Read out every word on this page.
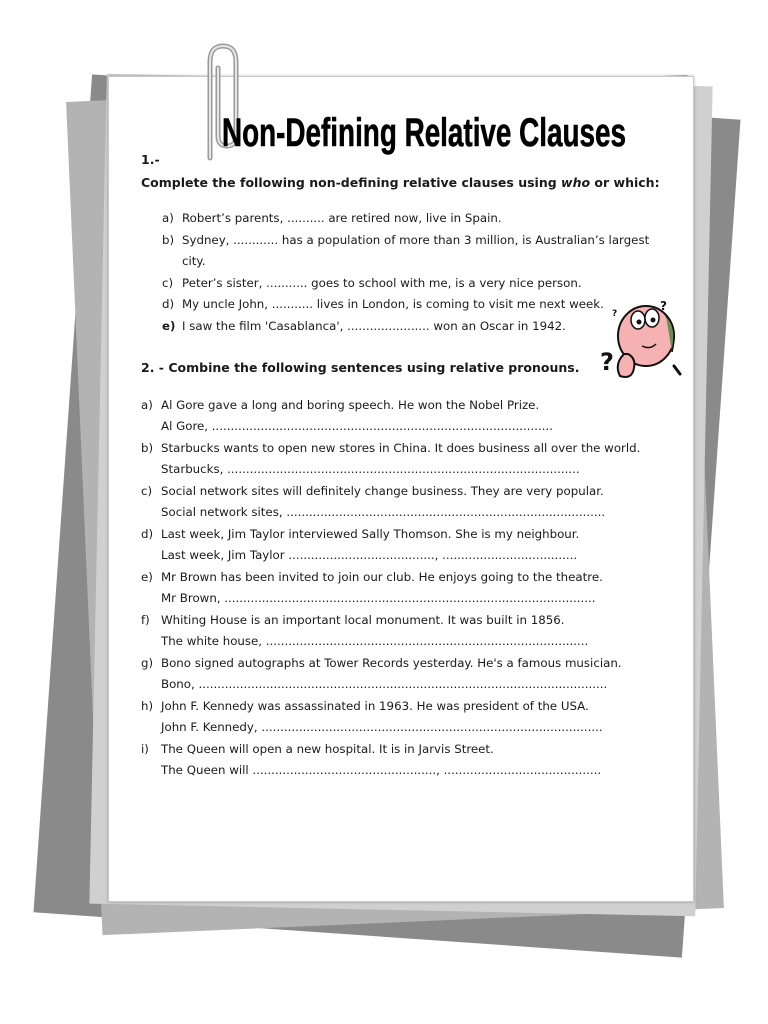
Non-Defining Relative Clauses
1.-
Complete the following non-defining relative clauses using who or which:
a) Robert’s parents, .......... are retired now, live in Spain.
b) Sydney, ............ has a population of more than 3 million, is Australian’s largest
city.
c) Peter’s sister, ........... goes to school with me, is a very nice person.
d) My uncle John, ........... lives in London, is coming to visit me next week.
e) I saw the film 'Casablanca', ...................... won an Oscar in 1942.
2. - Combine the following sentences using relative pronouns.
a) Al Gore gave a long and boring speech. He won the Nobel Prize.
Al Gore, ...........................................................................................
b) Starbucks wants to open new stores in China. It does business all over the world.
Starbucks, ..............................................................................................
c) Social network sites will definitely change business. They are very popular.
Social network sites, .....................................................................................
d) Last week, Jim Taylor interviewed Sally Thomson. She is my neighbour.
Last week, Jim Taylor ......................................., ....................................
e) Mr Brown has been invited to join our club. He enjoys going to the theatre.
Mr Brown, ...................................................................................................
f) Whiting House is an important local monument. It was built in 1856.
The white house, ......................................................................................
g) Bono signed autographs at Tower Records yesterday. He's a famous musician.
Bono, .............................................................................................................
h) John F. Kennedy was assassinated in 1963. He was president of the USA.
John F. Kennedy, ...........................................................................................
i) The Queen will open a new hospital. It is in Jarvis Street.
The Queen will ................................................., ..........................................
?
?
?
